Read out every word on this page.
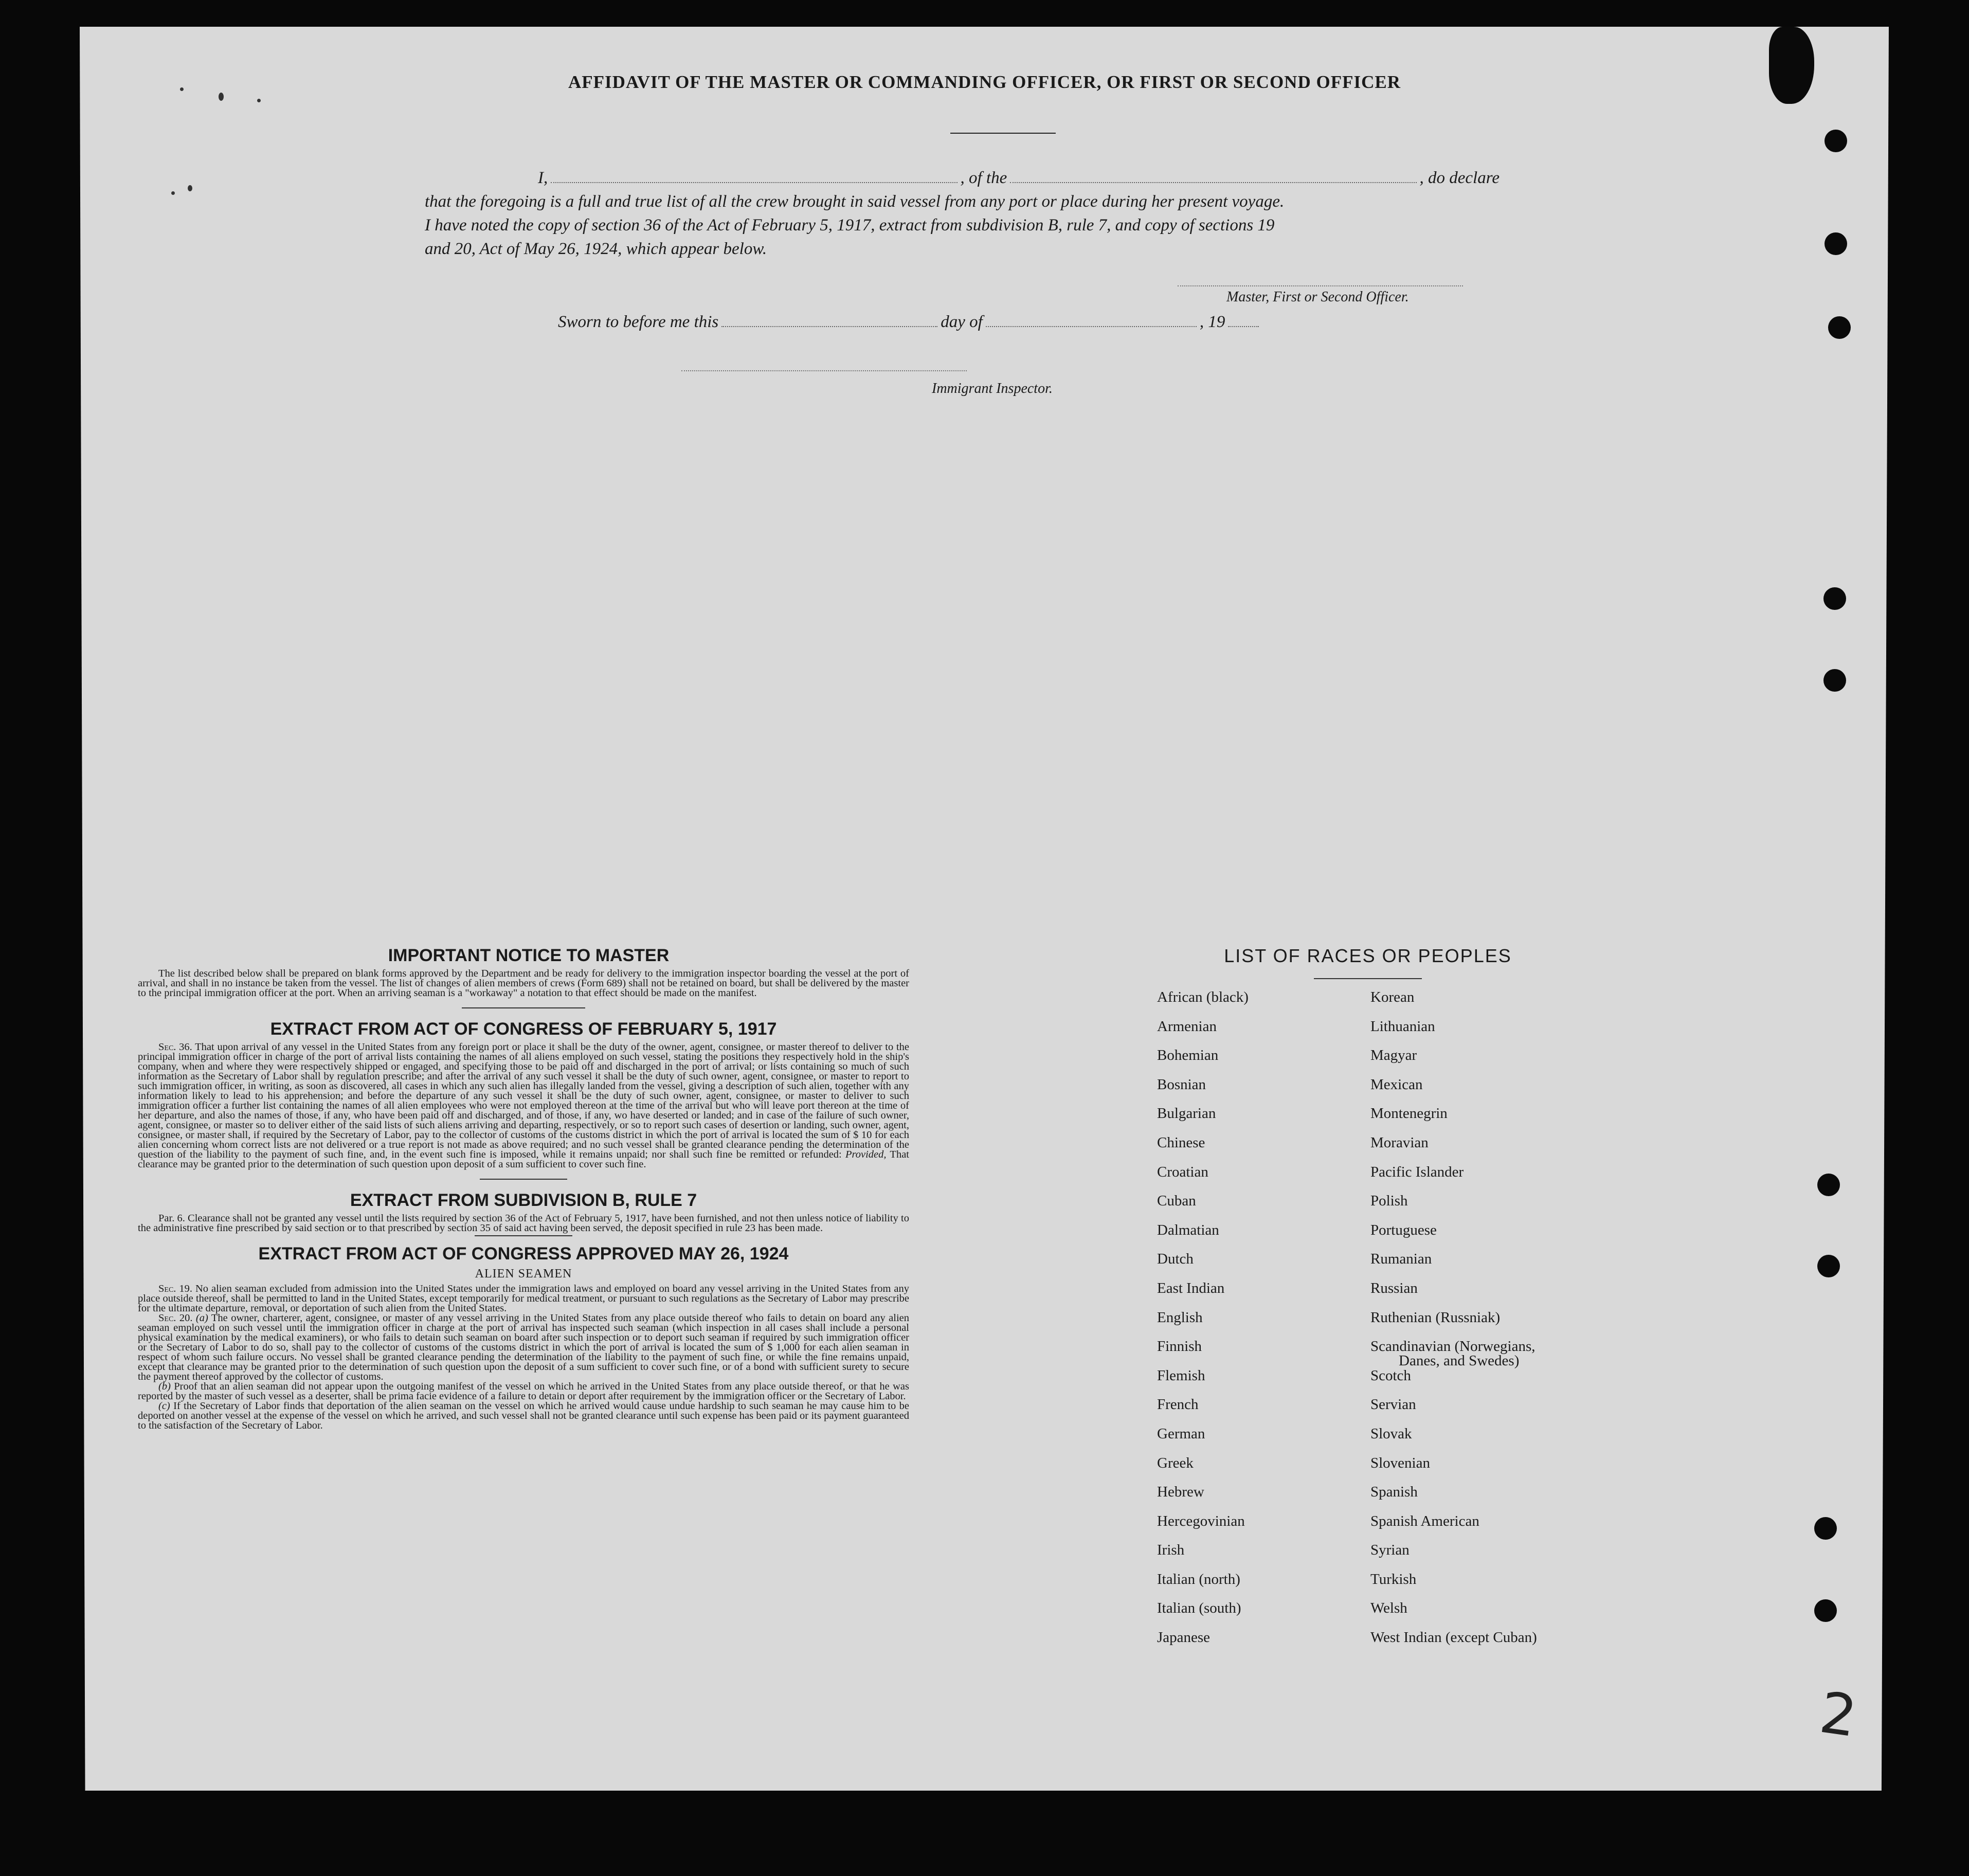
AFFIDAVIT OF THE MASTER OR COMMANDING OFFICER, OR FIRST OR SECOND OFFICER
I,	, of the	, do declare
that the foregoing is a full and true list of all the crew brought in said vessel from any port or place during her present voyage.
I have noted the copy of section 36 of the Act of February 5, 1917, extract from subdivision B, rule 7, and copy of sections 19
and 20, Act of May 26, 1924, which appear below.
Master, First or Second Officer.
Sworn to before me this	day of	, 19
Immigrant Inspector.
IMPORTANT NOTICE TO MASTER

The list described below shall be prepared on blank forms approved by the Department and be ready for delivery to the immigration inspector boarding the vessel at the port of arrival, and shall in no instance be taken from the vessel. The list of changes of alien members of crews (Form 689) shall not be retained on board, but shall be delivered by the master to the principal immigration officer at the port. When an arriving seaman is a "workaway" a notation to that effect should be made on the manifest.

EXTRACT FROM ACT OF CONGRESS OF FEBRUARY 5, 1917

Sec. 36. That upon arrival of any vessel in the United States from any foreign port or place it shall be the duty of the owner, agent, consignee, or master thereof to deliver to the principal immigration officer in charge of the port of arrival lists containing the names of all aliens employed on such vessel, stating the positions they respectively hold in the ship's company, when and where they were respectively shipped or engaged, and specifying those to be paid off and discharged in the port of arrival; or lists containing so much of such information as the Secretary of Labor shall by regulation prescribe; and after the arrival of any such vessel it shall be the duty of such owner, agent, consignee, or master to report to such immigration officer, in writing, as soon as discovered, all cases in which any such alien has illegally landed from the vessel, giving a description of such alien, together with any information likely to lead to his apprehension; and before the departure of any such vessel it shall be the duty of such owner, agent, consignee, or master to deliver to such immigration officer a further list containing the names of all alien employees who were not employed thereon at the time of the arrival but who will leave port thereon at the time of her departure, and also the names of those, if any, who have been paid off and discharged, and of those, if any, wo have deserted or landed; and in case of the failure of such owner, agent, consignee, or master so to deliver either of the said lists of such aliens arriving and departing, respectively, or so to report such cases of desertion or landing, such owner, agent, consignee, or master shall, if required by the Secretary of Labor, pay to the collector of customs of the customs district in which the port of arrival is located the sum of $ 10 for each alien concerning whom correct lists are not delivered or a true report is not made as above required; and no such vessel shall be granted clearance pending the determination of the question of the liability to the payment of such fine, and, in the event such fine is imposed, while it remains unpaid; nor shall such fine be remitted or refunded: Provided, That clearance may be granted prior to the determination of such question upon deposit of a sum sufficient to cover such fine.

EXTRACT FROM SUBDIVISION B, RULE 7

Par. 6. Clearance shall not be granted any vessel until the lists required by section 36 of the Act of February 5, 1917, have been furnished, and not then unless notice of liability to the administrative fine prescribed by said section or to that prescribed by section 35 of said act having been served, the deposit specified in rule 23 has been made.

EXTRACT FROM ACT OF CONGRESS APPROVED MAY 26, 1924

ALIEN SEAMEN

Sec. 19. No alien seaman excluded from admission into the United States under the immigration laws and employed on board any vessel arriving in the United States from any place outside thereof, shall be permitted to land in the United States, except temporarily for medical treatment, or pursuant to such regulations as the Secretary of Labor may prescribe for the ultimate departure, removal, or deportation of such alien from the United States.

Sec. 20. (a) The owner, charterer, agent, consignee, or master of any vessel arriving in the United States from any place outside thereof who fails to detain on board any alien seaman employed on such vessel until the immigration officer in charge at the port of arrival has inspected such seaman (which inspection in all cases shall include a personal physical examination by the medical examiners), or who fails to detain such seaman on board after such inspection or to deport such seaman if required by such immigration officer or the Secretary of Labor to do so, shall pay to the collector of customs of the customs district in which the port of arrival is located the sum of $ 1,000 for each alien seaman in respect of whom such failure occurs. No vessel shall be granted clearance pending the determination of the liability to the payment of such fine, or while the fine remains unpaid, except that clearance may be granted prior to the determination of such question upon the deposit of a sum sufficient to cover such fine, or of a bond with sufficient surety to secure the payment thereof approved by the collector of customs.

(b) Proof that an alien seaman did not appear upon the outgoing manifest of the vessel on which he arrived in the United States from any place outside thereof, or that he was reported by the master of such vessel as a deserter, shall be prima facie evidence of a failure to detain or deport after requirement by the immigration officer or the Secretary of Labor.

(c) If the Secretary of Labor finds that deportation of the alien seaman on the vessel on which he arrived would cause undue hardship to such seaman he may cause him to be deported on another vessel at the expense of the vessel on which he arrived, and such vessel shall not be granted clearance until such expense has been paid or its payment guaranteed to the satisfaction of the Secretary of Labor.

LIST OF RACES OR PEOPLES
African (black)
Armenian
Bohemian
Bosnian
Bulgarian
Chinese
Croatian
Cuban
Dalmatian
Dutch
East Indian
English
Finnish
Flemish
French
German
Greek
Hebrew
Hercegovinian
Irish
Italian (north)
Italian (south)
Japanese
Korean
Lithuanian
Magyar
Mexican
Montenegrin
Moravian
Pacific Islander
Polish
Portuguese
Rumanian
Russian
Ruthenian (Russniak)
Scandinavian (Norwegians,
Danes, and Swedes)
Scotch
Servian
Slovak
Slovenian
Spanish
Spanish American
Syrian
Turkish
Welsh
West Indian (except Cuban)
2
